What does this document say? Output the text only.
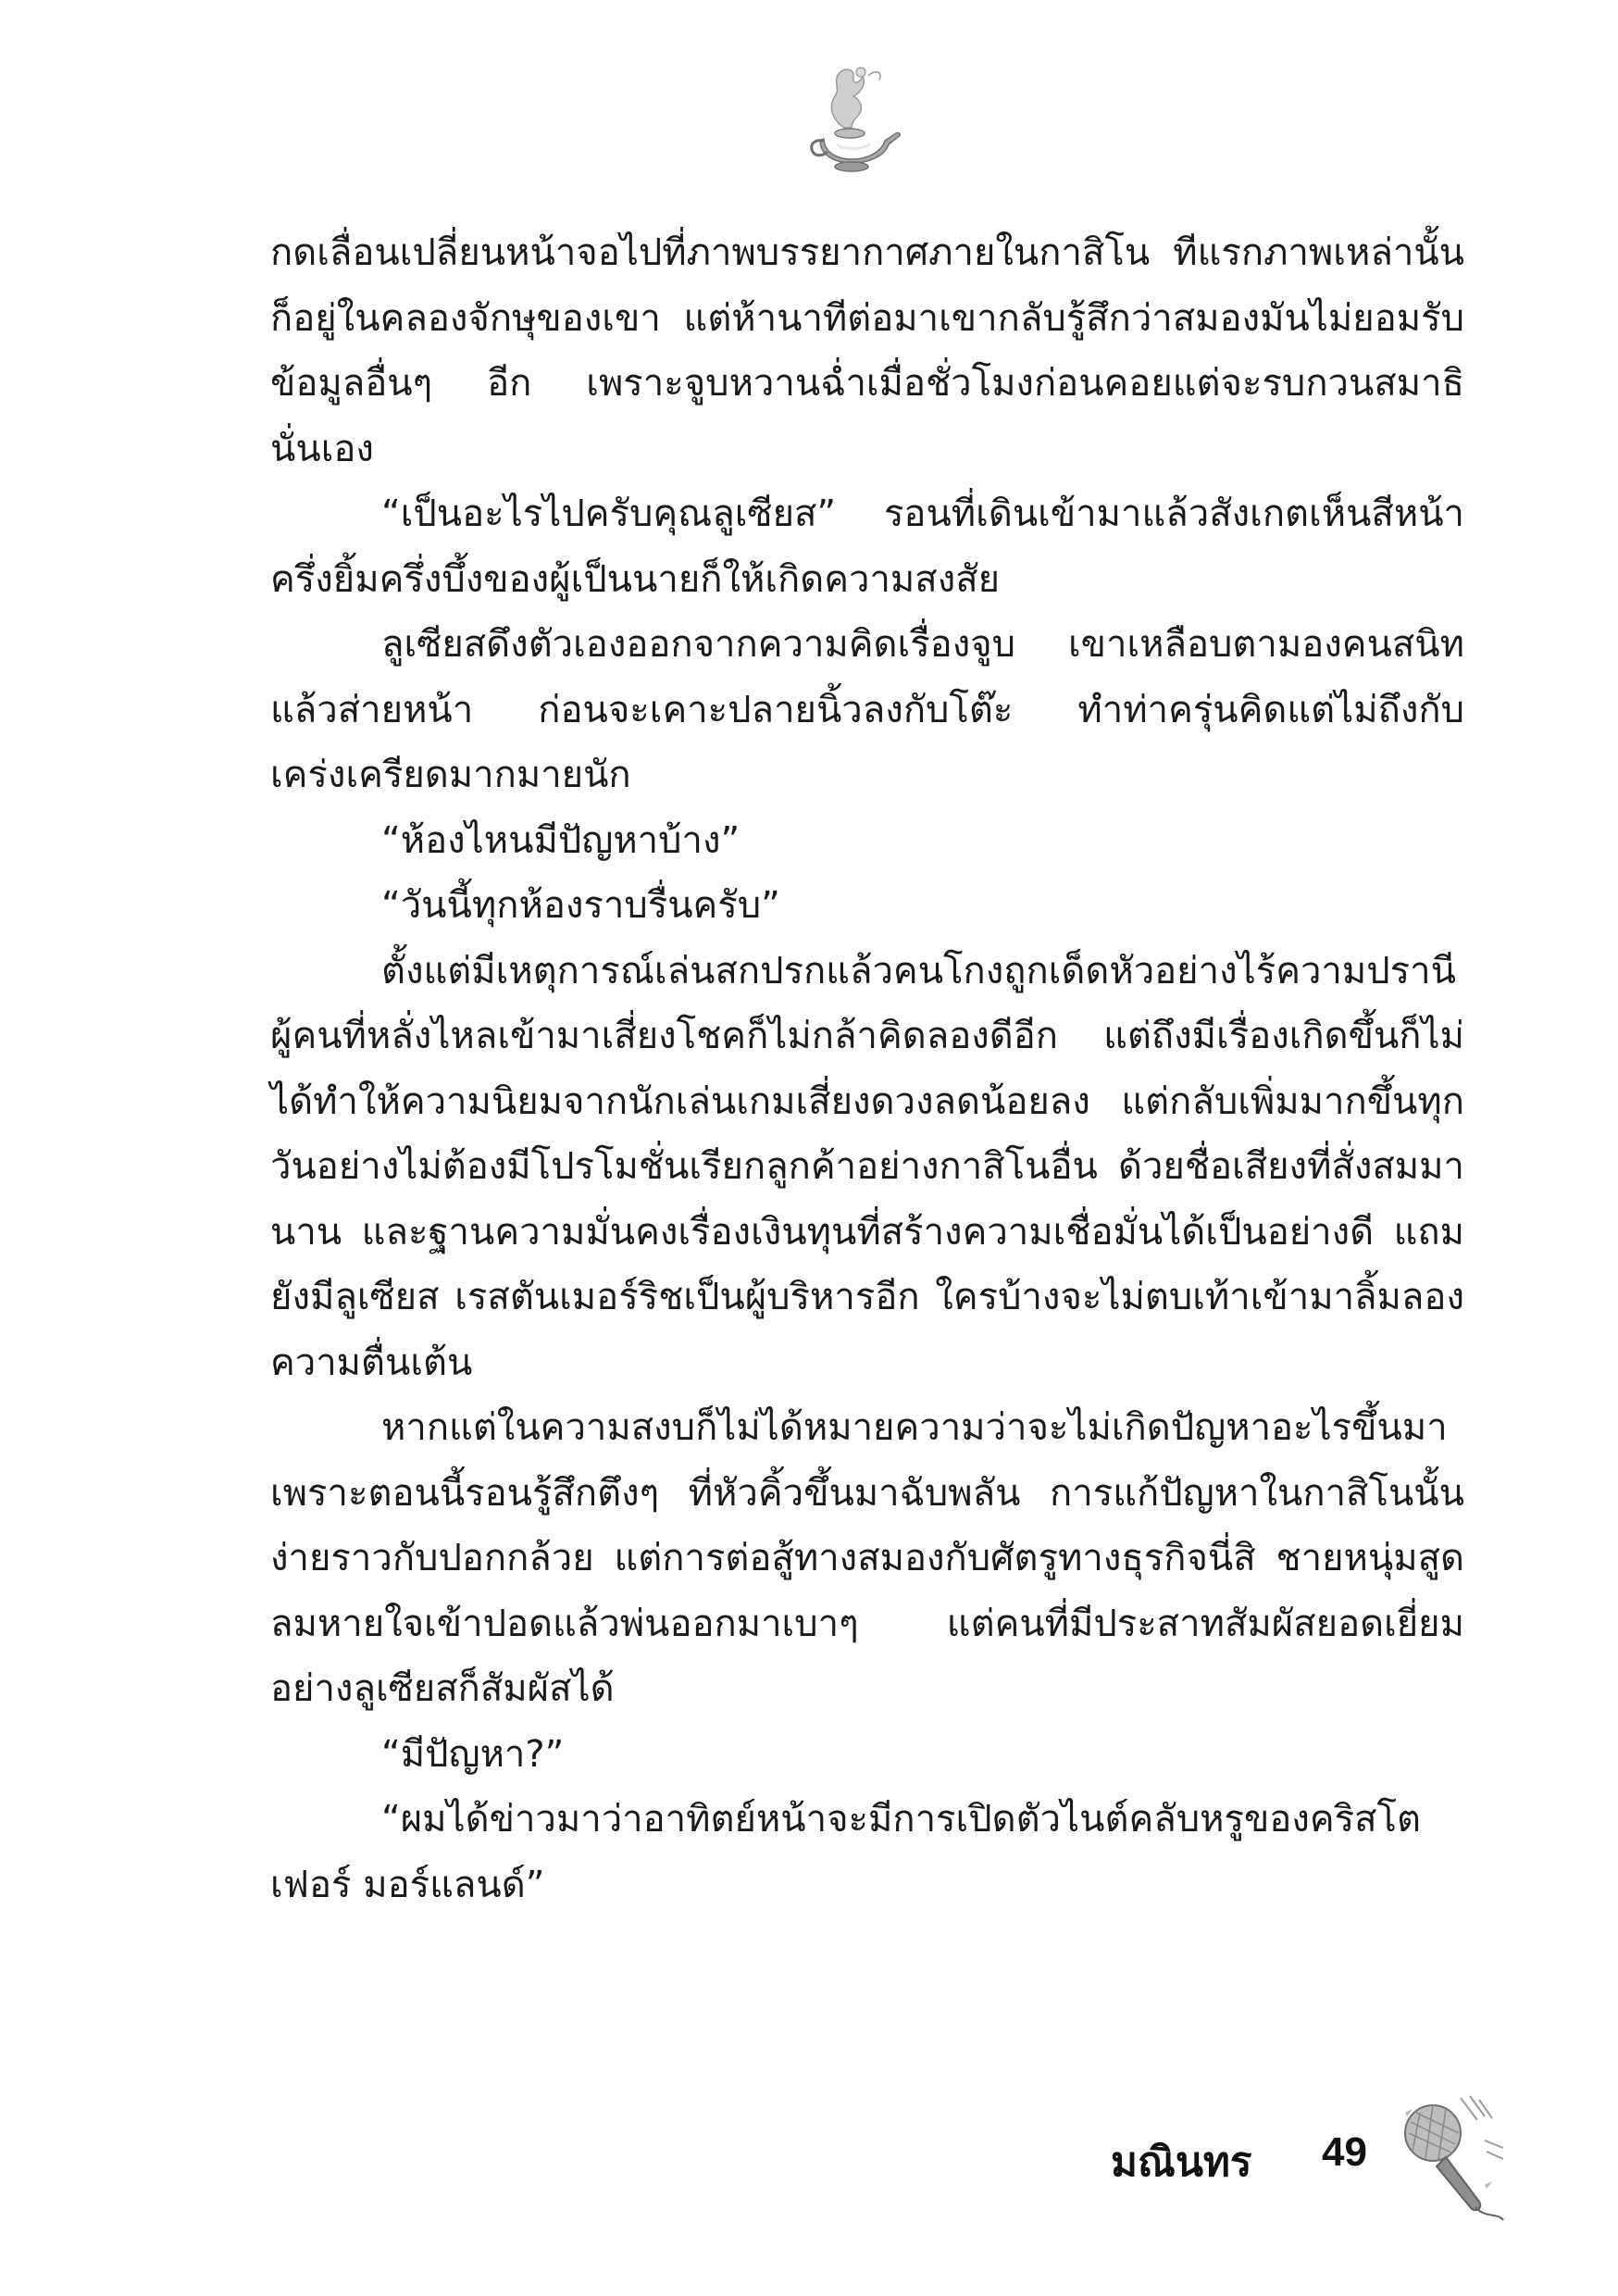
กดเลื่อนเปลี่ยนหน้าจอไปที่ภาพบรรยากาศภายในกาสิโน ทีแรกภาพเหล่านั้นก็อยู่ในคลองจักษุของเขา แต่ห้านาทีต่อมาเขากลับรู้สึกว่าสมองมันไม่ยอมรับข้อมูลอื่นๆ อีก เพราะจูบหวานฉ่ำเมื่อชั่วโมงก่อนคอยแต่จะรบกวนสมาธินั่นเอง

“เป็นอะไรไปครับคุณลูเซียส” รอนที่เดินเข้ามาแล้วสังเกตเห็นสีหน้าครึ่งยิ้มครึ่งบึ้งของผู้เป็นนายก็ให้เกิดความสงสัย

ลูเซียสดึงตัวเองออกจากความคิดเรื่องจูบ เขาเหลือบตามองคนสนิทแล้วส่ายหน้า ก่อนจะเคาะปลายนิ้วลงกับโต๊ะ ทำท่าครุ่นคิดแต่ไม่ถึงกับเคร่งเครียดมากมายนัก

“ห้องไหนมีปัญหาบ้าง”

“วันนี้ทุกห้องราบรื่นครับ”

ตั้งแต่มีเหตุการณ์เล่นสกปรกแล้วคนโกงถูกเด็ดหัวอย่างไร้ความปรานี ผู้คนที่หลั่งไหลเข้ามาเสี่ยงโชคก็ไม่กล้าคิดลองดีอีก แต่ถึงมีเรื่องเกิดขึ้นก็ไม่ได้ทำให้ความนิยมจากนักเล่นเกมเสี่ยงดวงลดน้อยลง แต่กลับเพิ่มมากขึ้นทุกวันอย่างไม่ต้องมีโปรโมชั่นเรียกลูกค้าอย่างกาสิโนอื่น ด้วยชื่อเสียงที่สั่งสมมานาน และฐานความมั่นคงเรื่องเงินทุนที่สร้างความเชื่อมั่นได้เป็นอย่างดี แถมยังมีลูเซียส เรสตันเมอร์ริชเป็นผู้บริหารอีก ใครบ้างจะไม่ตบเท้าเข้ามาลิ้มลองความตื่นเต้น

หากแต่ในความสงบก็ไม่ได้หมายความว่าจะไม่เกิดปัญหาอะไรขึ้นมา เพราะตอนนี้รอนรู้สึกตึงๆ ที่หัวคิ้วขึ้นมาฉับพลัน การแก้ปัญหาในกาสิโนนั้นง่ายราวกับปอกกล้วย แต่การต่อสู้ทางสมองกับศัตรูทางธุรกิจนี่สิ ชายหนุ่มสูดลมหายใจเข้าปอดแล้วพ่นออกมาเบาๆ แต่คนที่มีประสาทสัมผัสยอดเยี่ยมอย่างลูเซียสก็สัมผัสได้

“มีปัญหา?”

“ผมได้ข่าวมาว่าอาทิตย์หน้าจะมีการเปิดตัวไนต์คลับหรูของคริสโตเฟอร์ มอร์แลนด์”

มณินทร 49
